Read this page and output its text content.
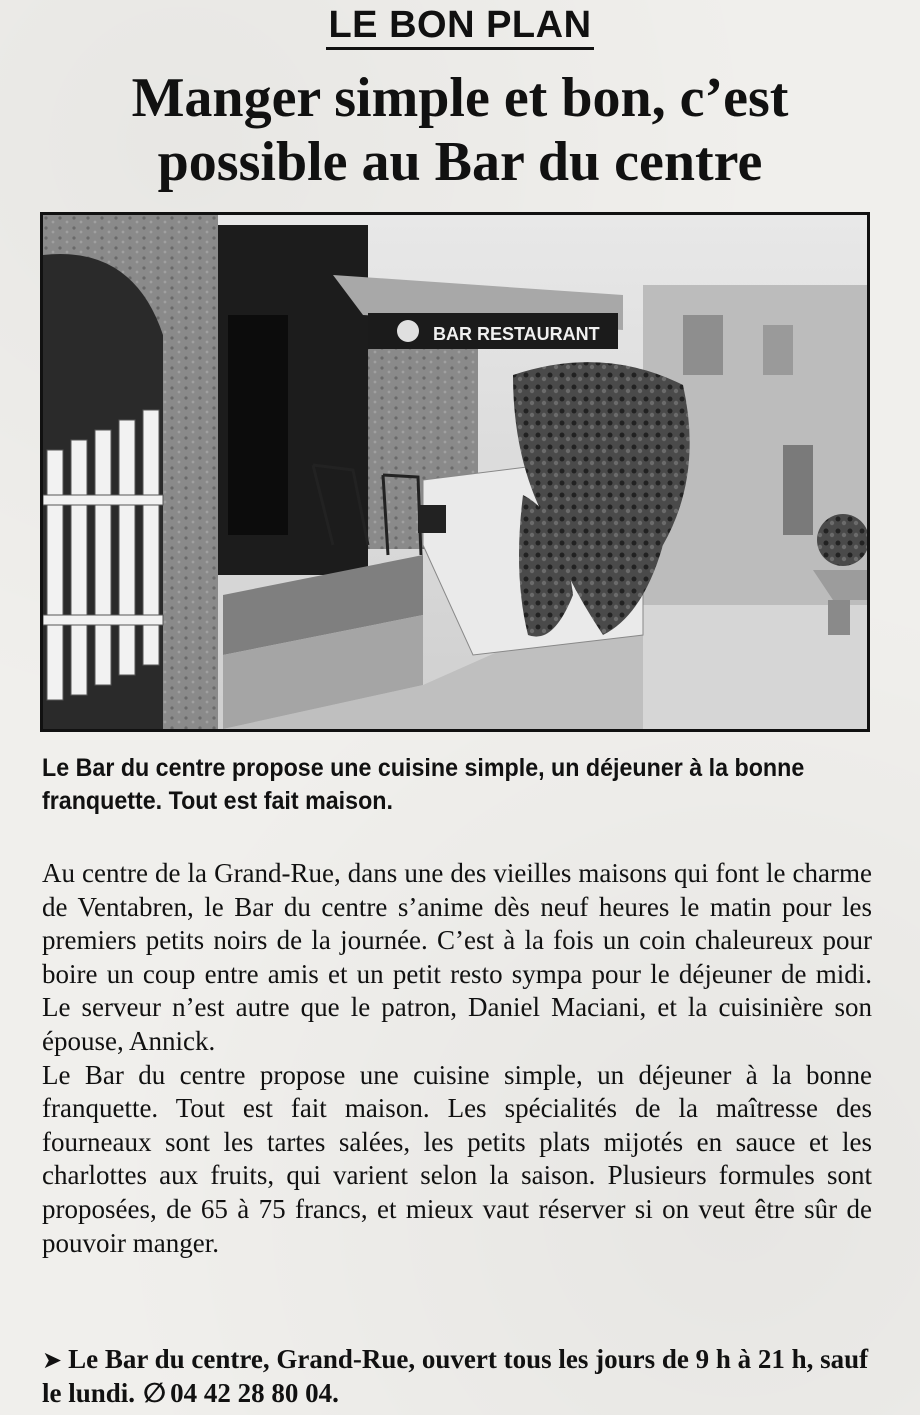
LE BON PLAN
Manger simple et bon, c’est
possible au Bar du centre
BAR RESTAURANT

Le Bar du centre propose une cuisine simple, un déjeuner à la bonne franquette. Tout est fait maison.

Au centre de la Grand-Rue, dans une des vieilles maisons qui font le charme de Ventabren, le Bar du centre s’anime dès neuf heures le matin pour les premiers petits noirs de la journée. C’est à la fois un coin chaleureux pour boire un coup entre amis et un petit resto sympa pour le déjeuner de midi. Le serveur n’est autre que le patron, Daniel Maciani, et la cuisinière son épouse, Annick.

Le Bar du centre propose une cuisine simple, un déjeuner à la bonne franquette. Tout est fait maison. Les spécialités de la maîtresse des fourneaux sont les tartes salées, les petits plats mijotés en sauce et les charlottes aux fruits, qui varient selon la saison. Plusieurs formules sont proposées, de 65 à 75 francs, et mieux vaut réserver si on veut être sûr de pouvoir manger.

➤ Le Bar du centre, Grand-Rue, ouvert tous les jours de 9 h à 21 h, sauf le lundi. ∅ 04 42 28 80 04.
